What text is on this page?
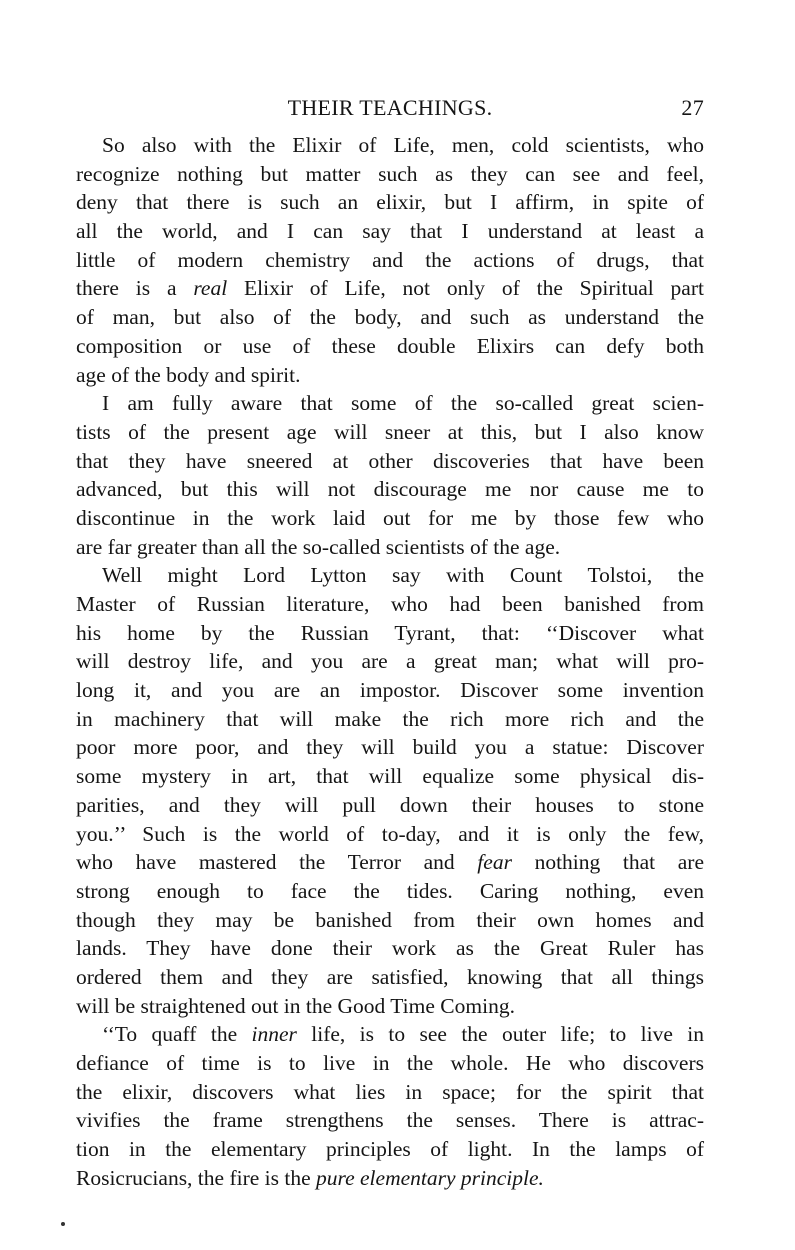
THEIR TEACHINGS.	27
So also with the Elixir of Life, men, cold scientists, who
recognize nothing but matter such as they can see and feel,
deny that there is such an elixir, but I affirm, in spite of
all the world, and I can say that I understand at least a
little of modern chemistry and the actions of drugs, that
there is a real Elixir of Life, not only of the Spiritual part
of man, but also of the body, and such as understand the
composition or use of these double Elixirs can defy both
age of the body and spirit.
I am fully aware that some of the so-called great scien-
tists of the present age will sneer at this, but I also know
that they have sneered at other discoveries that have been
advanced, but this will not discourage me nor cause me to
discontinue in the work laid out for me by those few who
are far greater than all the so-called scientists of the age.
Well might Lord Lytton say with Count Tolstoi, the
Master of Russian literature, who had been banished from
his home by the Russian Tyrant, that: ‘‘Discover what
will destroy life, and you are a great man; what will pro-
long it, and you are an impostor. Discover some invention
in machinery that will make the rich more rich and the
poor more poor, and they will build you a statue: Discover
some mystery in art, that will equalize some physical dis-
parities, and they will pull down their houses to stone
you.’’ Such is the world of to-day, and it is only the few,
who have mastered the Terror and fear nothing that are
strong enough to face the tides. Caring nothing, even
though they may be banished from their own homes and
lands. They have done their work as the Great Ruler has
ordered them and they are satisfied, knowing that all things
will be straightened out in the Good Time Coming.
‘‘To quaff the inner life, is to see the outer life; to live in
defiance of time is to live in the whole. He who discovers
the elixir, discovers what lies in space; for the spirit that
vivifies the frame strengthens the senses. There is attrac-
tion in the elementary principles of light. In the lamps of
Rosicrucians, the fire is the pure elementary principle.
